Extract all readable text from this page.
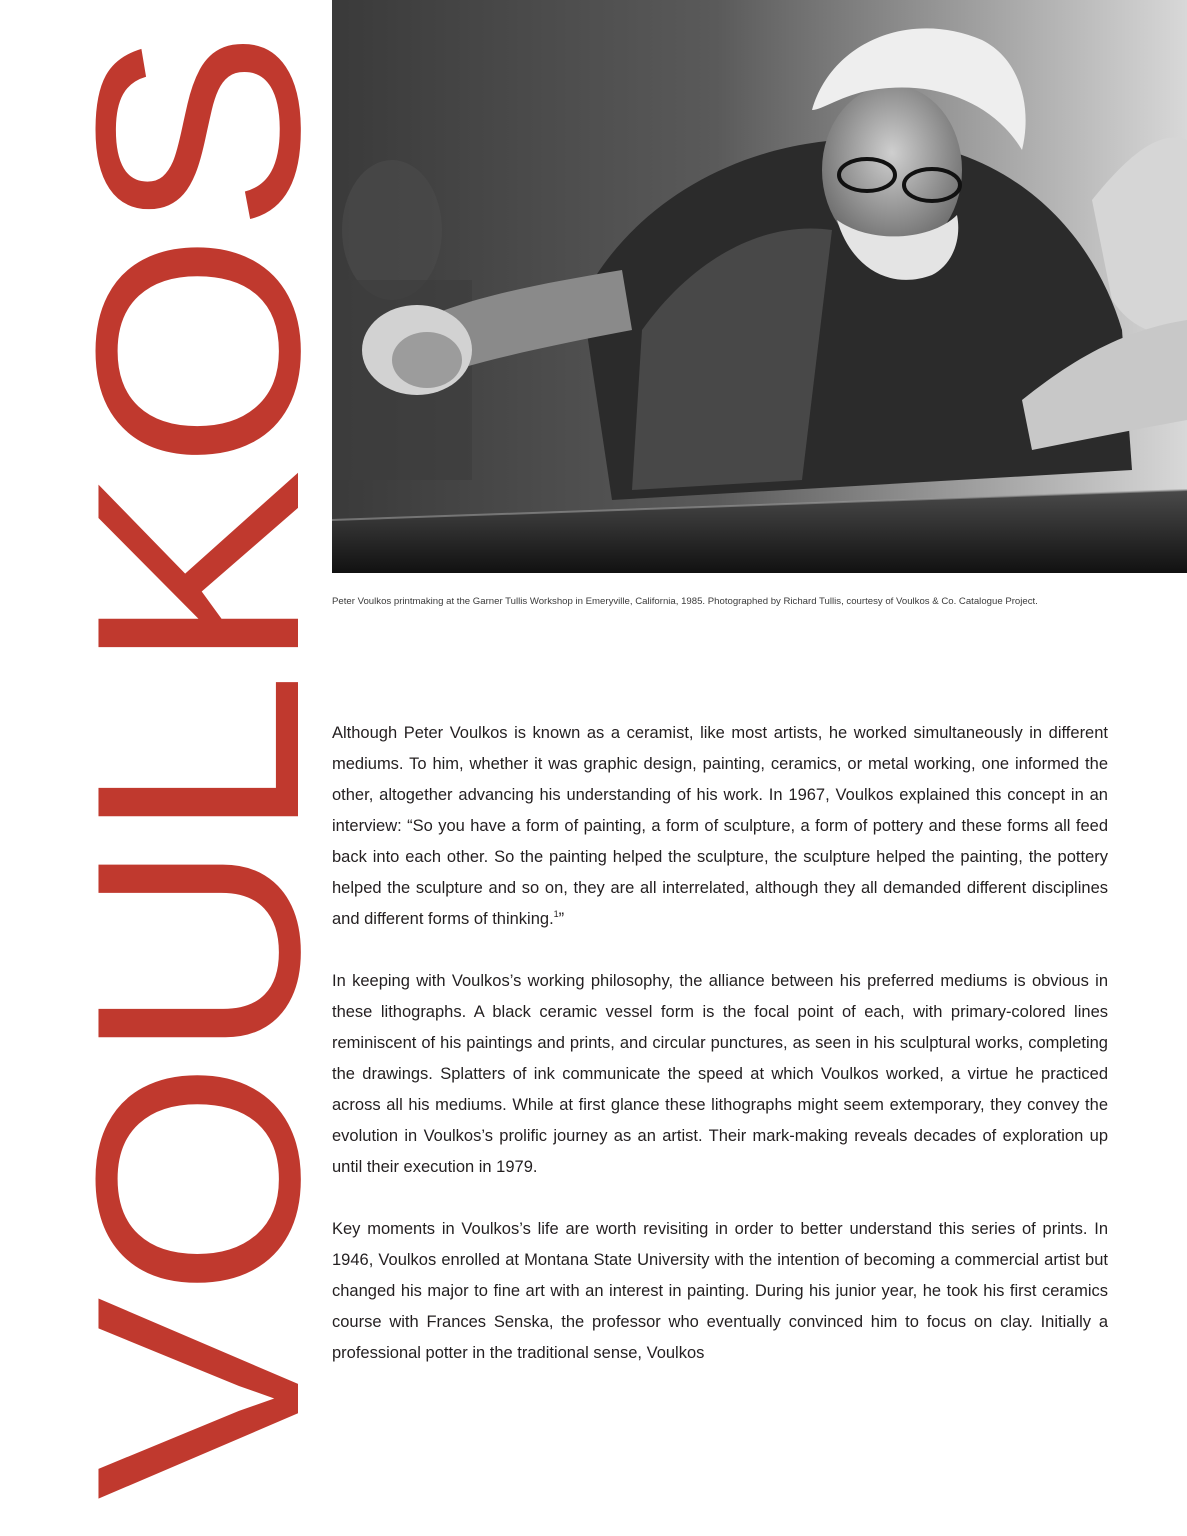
VOULKOS
Peter Voulkos printmaking at the Garner Tullis Workshop in Emeryville, California, 1985. Photographed by Richard Tullis, courtesy of Voulkos & Co. Catalogue Project.

Although Peter Voulkos is known as a ceramist, like most artists, he worked simultaneously in different mediums. To him, whether it was graphic design, painting, ceramics, or metal working, one informed the other, altogether advancing his understanding of his work. In 1967, Voulkos explained this concept in an interview: “So you have a form of painting, a form of sculpture, a form of pottery and these forms all feed back into each other. So the painting helped the sculpture, the sculpture helped the painting, the pottery helped the sculpture and so on, they are all interrelated, although they all demanded different disciplines and different forms of thinking.$^1$”

In keeping with Voulkos’s working philosophy, the alliance between his preferred mediums is obvious in these lithographs. A black ceramic vessel form is the focal point of each, with primary-colored lines reminiscent of his paintings and prints, and circular punctures, as seen in his sculptural works, completing the drawings. Splatters of ink communicate the speed at which Voulkos worked, a virtue he practiced across all his mediums. While at first glance these lithographs might seem extemporary, they convey the evolution in Voulkos’s prolific journey as an artist. Their mark-making reveals decades of exploration up until their execution in 1979.

Key moments in Voulkos’s life are worth revisiting in order to better understand this series of prints. In 1946, Voulkos enrolled at Montana State University with the intention of becoming a commercial artist but changed his major to fine art with an interest in painting. During his junior year, he took his first ceramics course with Frances Senska, the professor who eventually convinced him to focus on clay. Initially a professional potter in the traditional sense, Voulkos
